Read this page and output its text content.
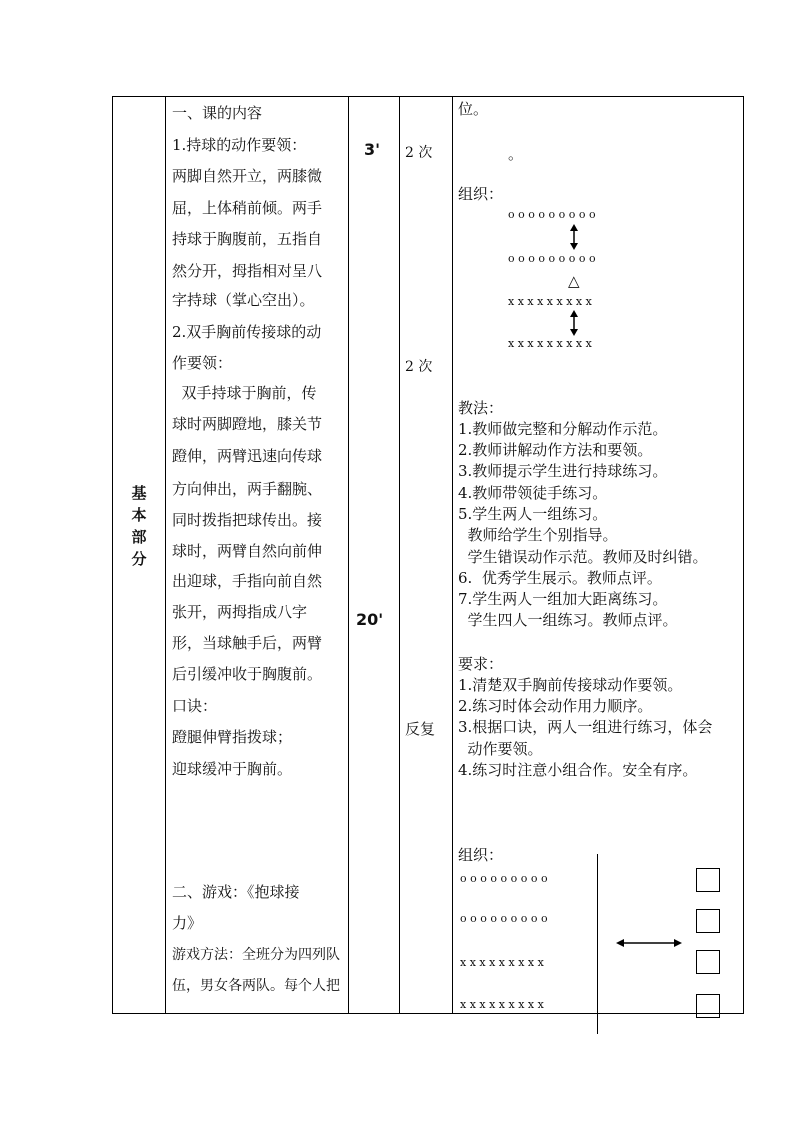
基
本
部
分
一、课的内容
1.持球的动作要领：
两脚自然开立，两膝微
屈，上体稍前倾。两手
持球于胸腹前，五指自
然分开，拇指相对呈八
字持球（掌心空出）。
2.双手胸前传接球的动
作要领：
双手持球于胸前，传
球时两脚蹬地，膝关节
蹬伸，两臂迅速向传球
方向伸出，两手翻腕、
同时拨指把球传出。接
球时，两臂自然向前伸
出迎球，手指向前自然
张开，两拇指成八字
形，当球触手后，两臂
后引缓冲收于胸腹前。
口诀：
蹬腿伸臂指拨球；
迎球缓冲于胸前。
二、游戏：《抱球接
力》
游戏方法：全班分为四列队
伍，男女各两队。每个人把
3'
20'
2 次
2 次
反复
位。
。
组织：
o o o o o o o o o
o o o o o o o o o
△
x x x x x x x x x
x x x x x x x x x
教法：
1.教师做完整和分解动作示范。
2.教师讲解动作方法和要领。
3.教师提示学生进行持球练习。
4.教师带领徒手练习。
5.学生两人一组练习。
教师给学生个别指导。
学生错误动作示范。教师及时纠错。
6.  优秀学生展示。教师点评。
7.学生两人一组加大距离练习。
学生四人一组练习。教师点评。
要求：
1.清楚双手胸前传接球动作要领。
2.练习时体会动作用力顺序。
3.根据口诀，两人一组进行练习，体会
动作要领。
4.练习时注意小组合作。安全有序。
组织：
o o o o o o o o o
o o o o o o o o o
x x x x x x x x x
x x x x x x x x x
